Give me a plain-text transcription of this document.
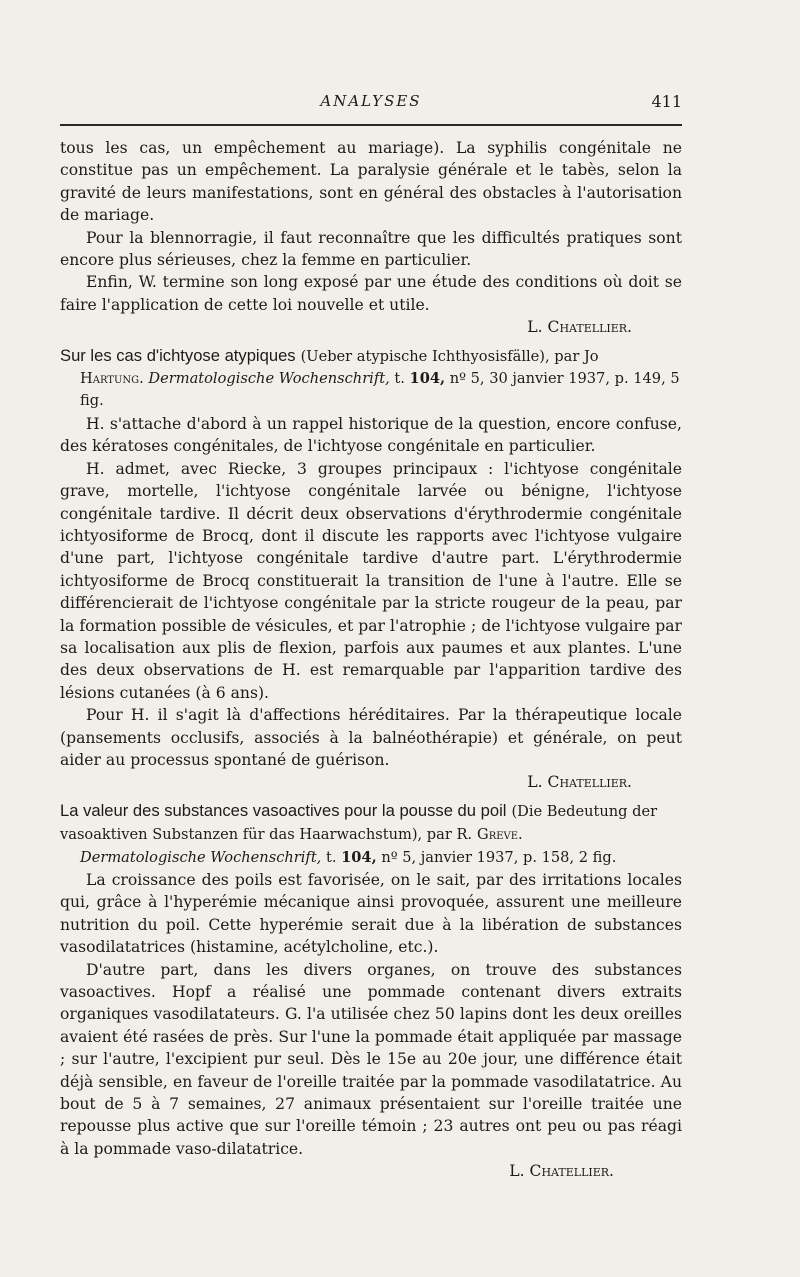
ANALYSES	411

tous les cas, un empêchement au mariage). La syphilis congénitale ne constitue pas un empêchement. La paralysie générale et le tabès, selon la gravité de leurs manifestations, sont en général des obstacles à l'autorisation de mariage.

Pour la blennorragie, il faut reconnaître que les difficultés pratiques sont encore plus sérieuses, chez la femme en particulier.

Enfin, W. termine son long exposé par une étude des conditions où doit se faire l'application de cette loi nouvelle et utile.

L. Chatellier.

Sur les cas d'ichtyose atypiques (Ueber atypische Ichthyosisfälle), par Jo

Hartung. Dermatologische Wochenschrift, t. 104, nº 5, 30 janvier 1937, p. 149, 5 fig.

H. s'attache d'abord à un rappel historique de la question, encore confuse, des kératoses congénitales, de l'ichtyose congénitale en particulier.

H. admet, avec Riecke, 3 groupes principaux : l'ichtyose congénitale grave, mortelle, l'ichtyose congénitale larvée ou bénigne, l'ichtyose congénitale tardive. Il décrit deux observations d'érythrodermie congénitale ichtyosiforme de Brocq, dont il discute les rapports avec l'ichtyose vulgaire d'une part, l'ichtyose congénitale tardive d'autre part. L'érythrodermie ichtyosiforme de Brocq constituerait la transition de l'une à l'autre. Elle se différencierait de l'ichtyose congénitale par la stricte rougeur de la peau, par la formation possible de vésicules, et par l'atrophie ; de l'ichtyose vulgaire par sa localisation aux plis de flexion, parfois aux paumes et aux plantes. L'une des deux observations de H. est remarquable par l'apparition tardive des lésions cutanées (à 6 ans).

Pour H. il s'agit là d'affections héréditaires. Par la thérapeutique locale (pansements occlusifs, associés à la balnéothérapie) et générale, on peut aider au processus spontané de guérison.

L. Chatellier.

La valeur des substances vasoactives pour la pousse du poil (Die Bedeutung der vasoaktiven Substanzen für das Haarwachstum), par R. Greve.

Dermatologische Wochenschrift, t. 104, nº 5, janvier 1937, p. 158, 2 fig.

La croissance des poils est favorisée, on le sait, par des irritations locales qui, grâce à l'hyperémie mécanique ainsi provoquée, assurent une meilleure nutrition du poil. Cette hyperémie serait due à la libération de substances vasodilatatrices (histamine, acétylcholine, etc.).

D'autre part, dans les divers organes, on trouve des substances vasoactives. Hopf a réalisé une pommade contenant divers extraits organiques vasodilatateurs. G. l'a utilisée chez 50 lapins dont les deux oreilles avaient été rasées de près. Sur l'une la pommade était appliquée par massage ; sur l'autre, l'excipient pur seul. Dès le 15e au 20e jour, une différence était déjà sensible, en faveur de l'oreille traitée par la pommade vasodilatatrice. Au bout de 5 à 7 semaines, 27 animaux présentaient sur l'oreille traitée une repousse plus active que sur l'oreille témoin ; 23 autres ont peu ou pas réagi à la pommade vaso-dilatatrice.

L. Chatellier.
